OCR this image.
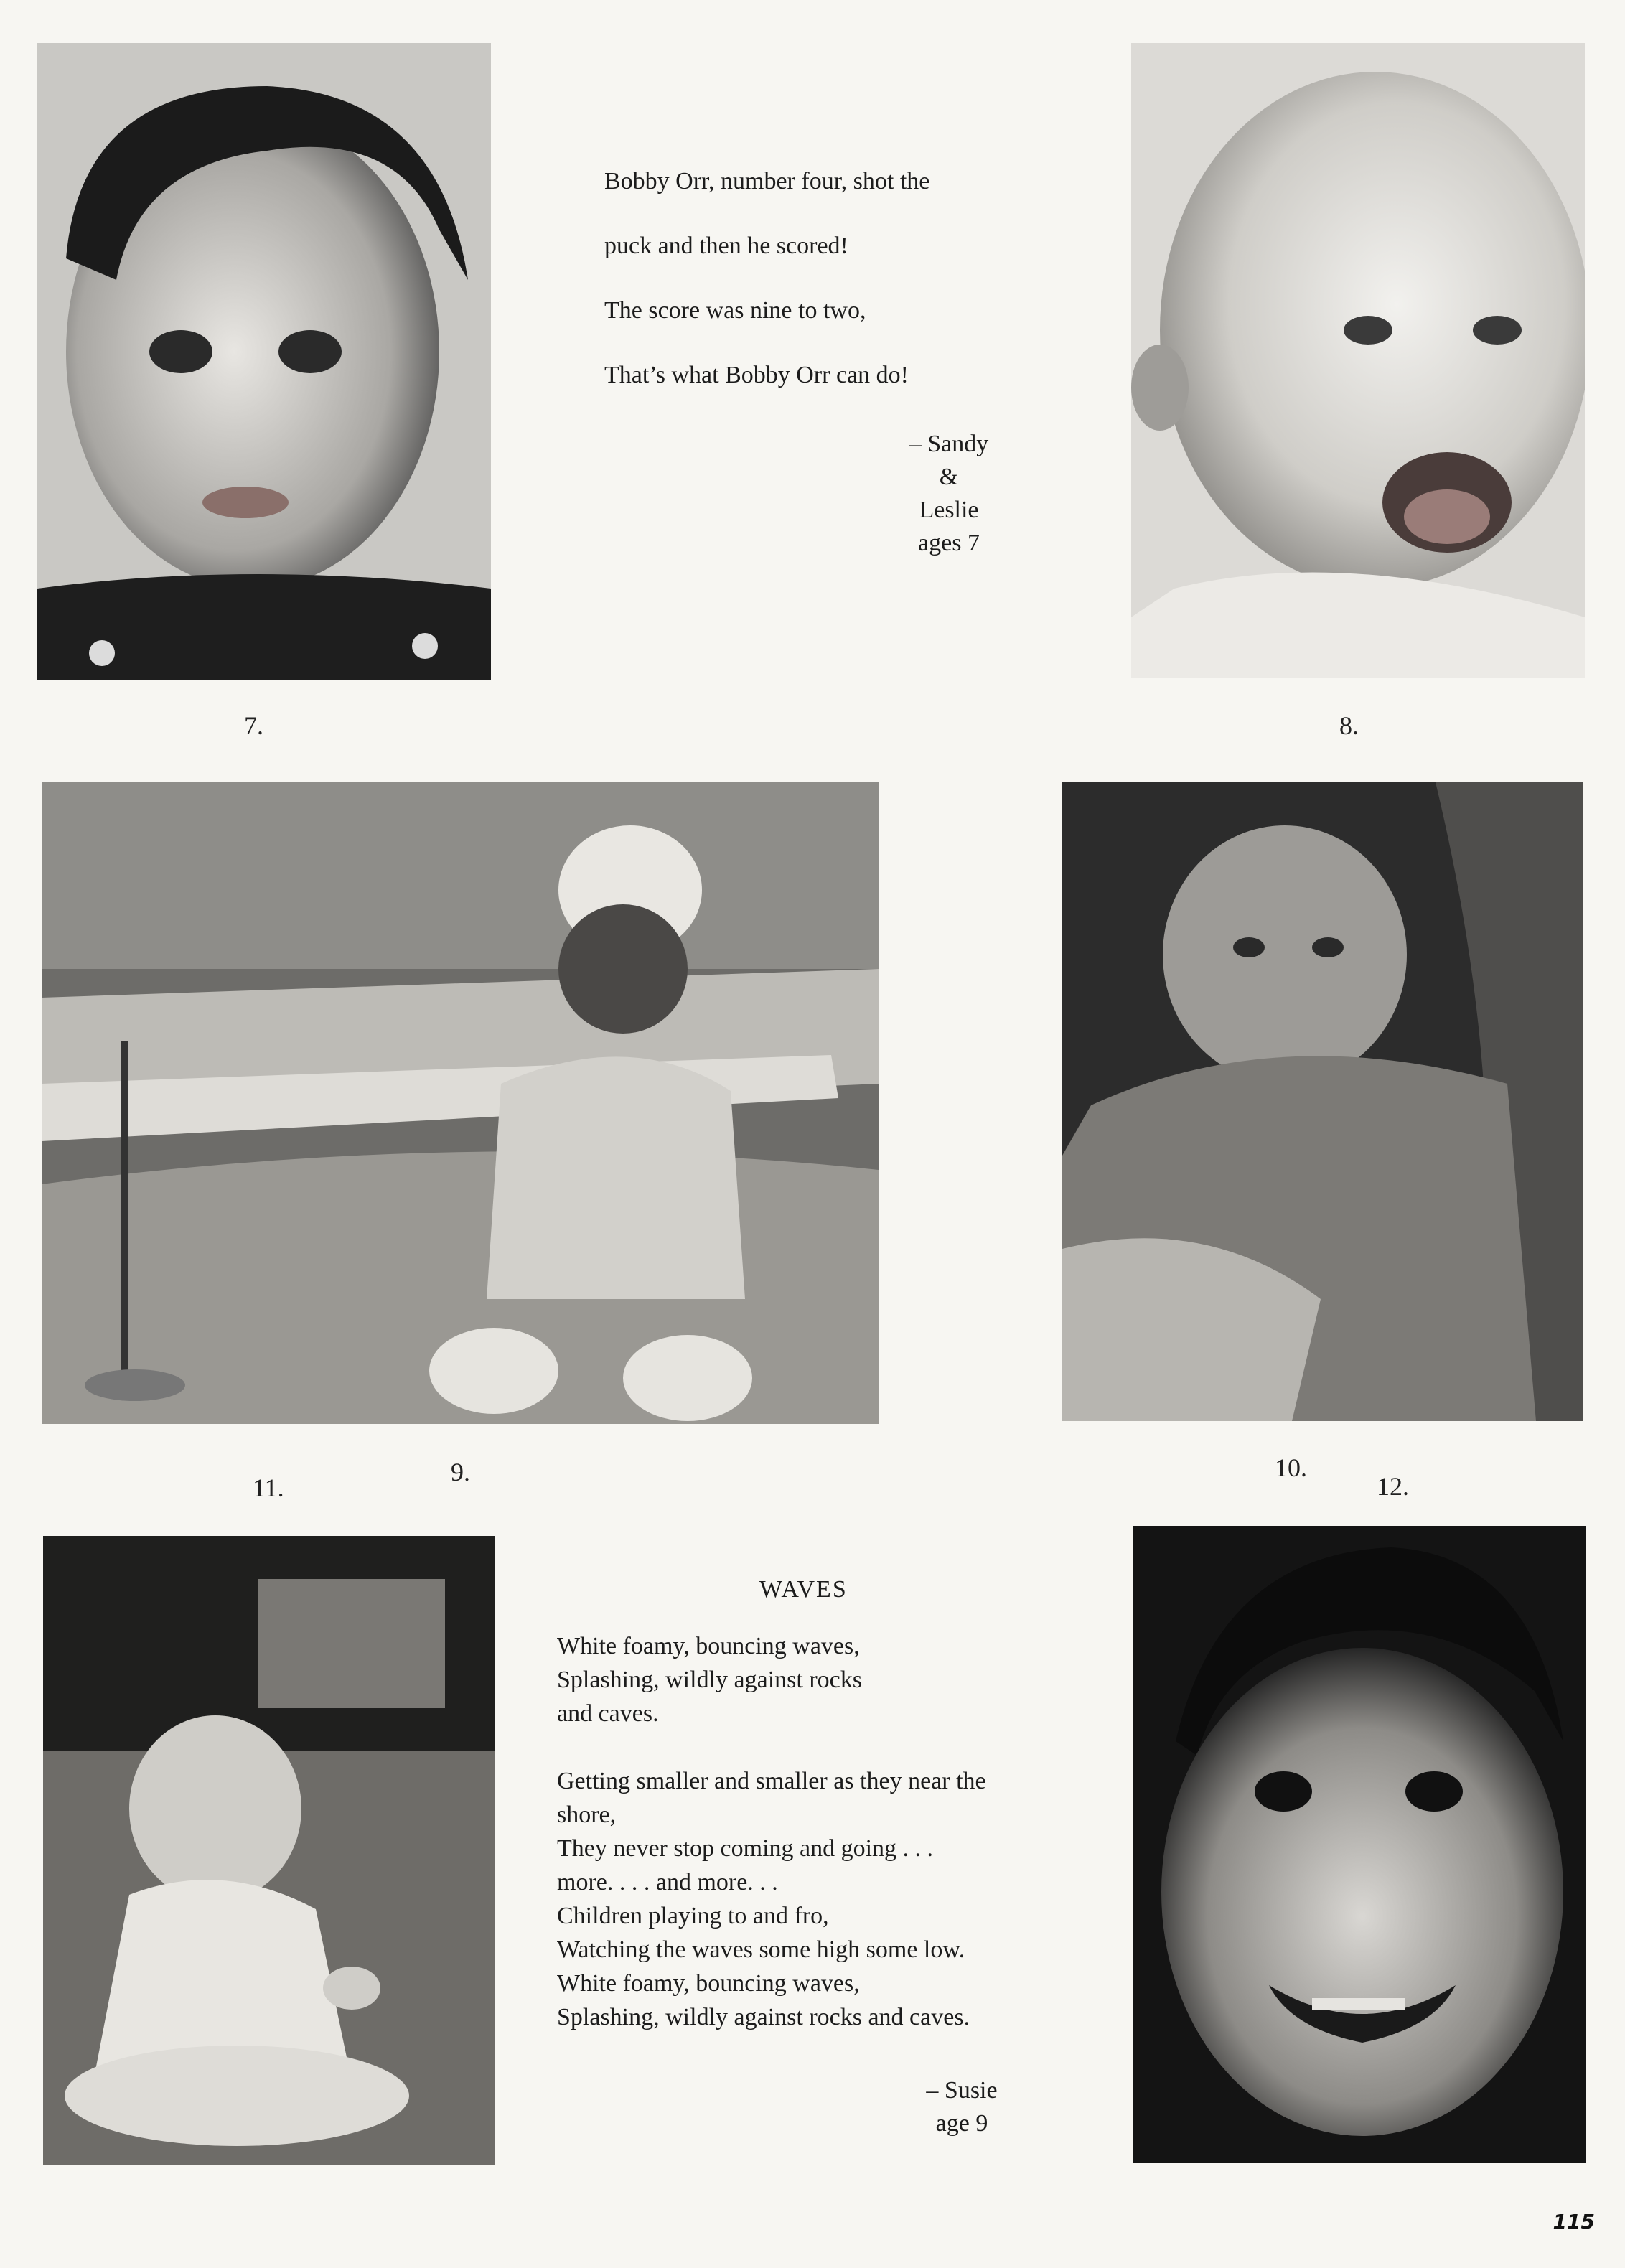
7.
Bobby Orr, number four, shot the
puck and then he scored!
The score was nine to two,
That’s what Bobby Orr can do!
– Sandy
&
Leslie
ages 7
8.
9.	10.
11.	12.
WAVES
White foamy, bouncing waves,
Splashing, wildly against rocks
and caves.
Getting smaller and smaller as they near the
shore,
They never stop coming and going . . .
more. . . . and more. . .
Children playing to and fro,
Watching the waves some high some low.
White foamy, bouncing waves,
Splashing, wildly against rocks and caves.
– Susie
age 9
115
